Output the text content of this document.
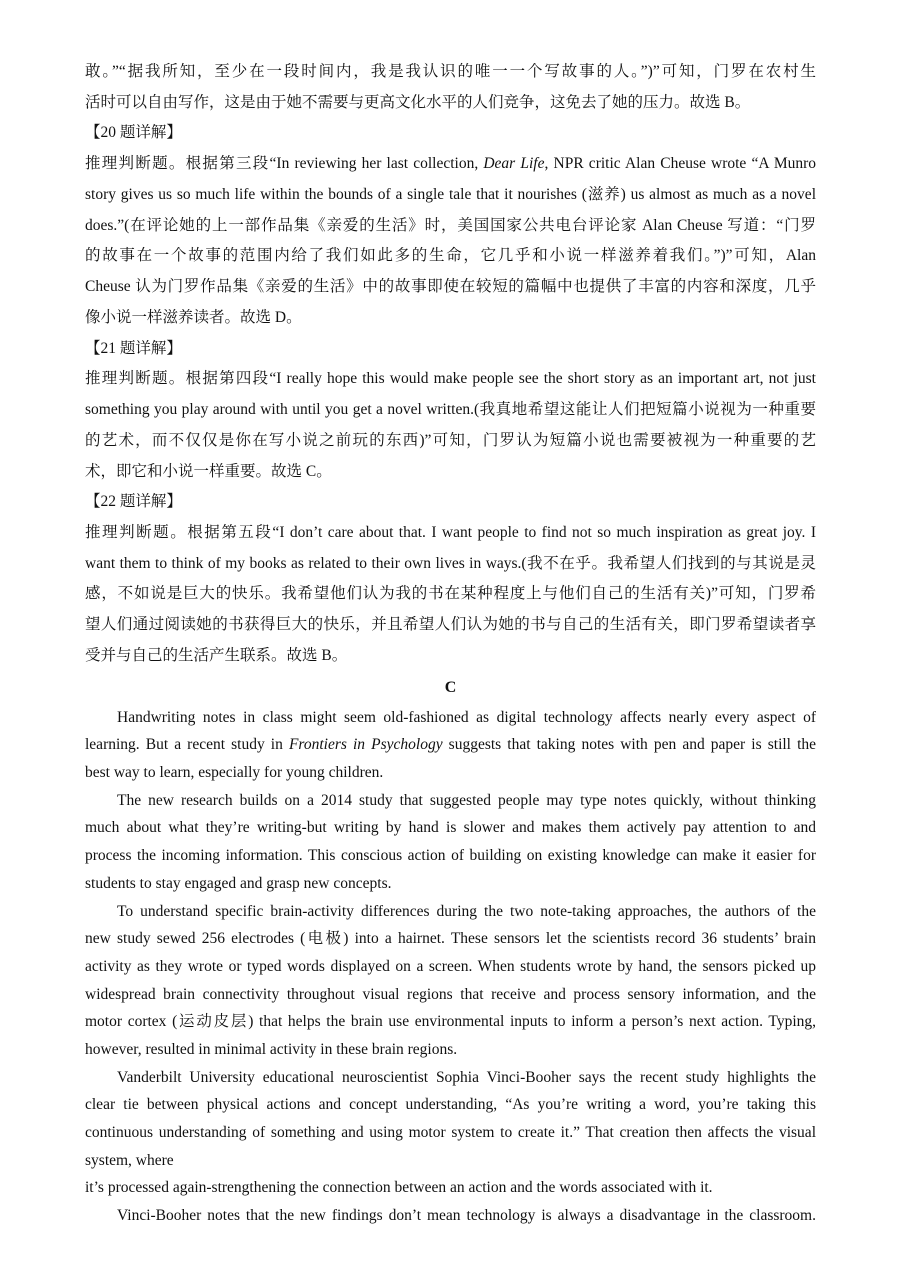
敢。”“据我所知，至少在一段时间内，我是我认识的唯一一个写故事的人。”)”可知，门罗在农村生
活时可以自由写作，这是由于她不需要与更高文化水平的人们竞争，这免去了她的压力。故选 B。
【20 题详解】
推理判断题。根据第三段“In reviewing her last collection, Dear Life, NPR critic Alan Cheuse wrote “A Munro
story gives us so much life within the bounds of a single tale that it nourishes (滋养) us almost as much as a novel
does.”(在评论她的上一部作品集《亲爱的生活》时，美国国家公共电台评论家 Alan Cheuse 写道：“门罗
的故事在一个故事的范围内给了我们如此多的生命，它几乎和小说一样滋养着我们。”)”可知，Alan
Cheuse 认为门罗作品集《亲爱的生活》中的故事即使在较短的篇幅中也提供了丰富的内容和深度，几乎
像小说一样滋养读者。故选 D。
【21 题详解】
推理判断题。根据第四段“I really hope this would make people see the short story as an important art, not just
something you play around with until you get a novel written.(我真地希望这能让人们把短篇小说视为一种重要
的艺术，而不仅仅是你在写小说之前玩的东西)”可知，门罗认为短篇小说也需要被视为一种重要的艺
术，即它和小说一样重要。故选 C。
【22 题详解】
推理判断题。根据第五段“I don’t care about that. I want people to find not so much inspiration as great joy. I
want them to think of my books as related to their own lives in ways.(我不在乎。我希望人们找到的与其说是灵
感，不如说是巨大的快乐。我希望他们认为我的书在某种程度上与他们自己的生活有关)”可知，门罗希
望人们通过阅读她的书获得巨大的快乐，并且希望人们认为她的书与自己的生活有关，即门罗希望读者享
受并与自己的生活产生联系。故选 B。
C
Handwriting notes in class might seem old-fashioned as digital technology affects nearly every aspect of
learning. But a recent study in Frontiers in Psychology suggests that taking notes with pen and paper is still the
best way to learn, especially for young children.
The new research builds on a 2014 study that suggested people may type notes quickly, without thinking
much about what they’re writing-but writing by hand is slower and makes them actively pay attention to and
process the incoming information. This conscious action of building on existing knowledge can make it easier for
students to stay engaged and grasp new concepts.
To understand specific brain-activity differences during the two note-taking approaches, the authors of the
new study sewed 256 electrodes (电极) into a hairnet. These sensors let the scientists record 36 students’ brain
activity as they wrote or typed words displayed on a screen. When students wrote by hand, the sensors picked up
widespread brain connectivity throughout visual regions that receive and process sensory information, and the
motor cortex (运动皮层) that helps the brain use environmental inputs to inform a person’s next action. Typing,
however, resulted in minimal activity in these brain regions.
Vanderbilt University educational neuroscientist Sophia Vinci-Booher says the recent study highlights the
clear tie between physical actions and concept understanding, “As you’re writing a word, you’re taking this
continuous understanding of something and using motor system to create it.” That creation then affects the visual
system, where
it’s processed again-strengthening the connection between an action and the words associated with it.
Vinci-Booher notes that the new findings don’t mean technology is always a disadvantage in the classroom.
